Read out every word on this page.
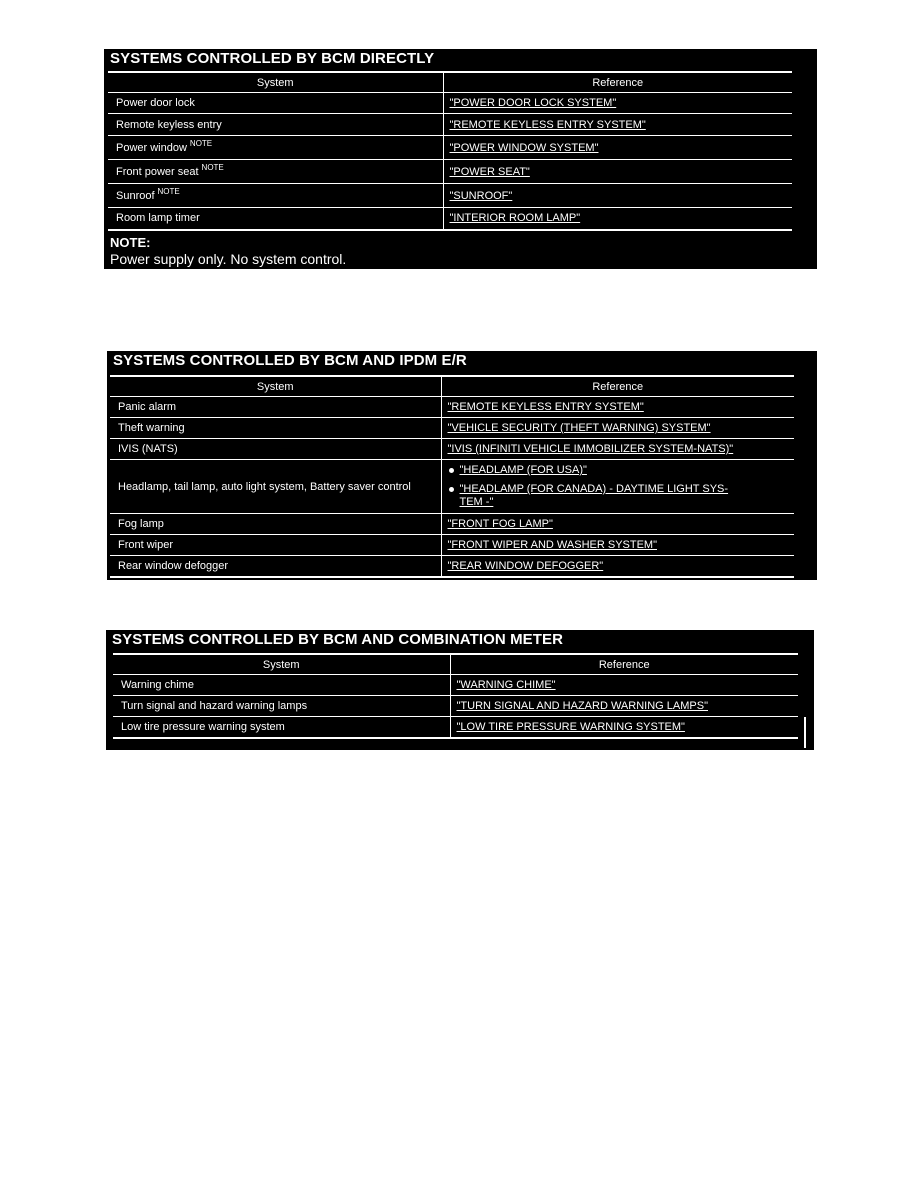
SYSTEMS CONTROLLED BY BCM DIRECTLY
System	Reference
Power door lock	"POWER DOOR LOCK SYSTEM"
Remote keyless entry	"REMOTE KEYLESS ENTRY SYSTEM"
Power window $^{NOTE}$	"POWER WINDOW SYSTEM"
Front power seat $^{NOTE}$	"POWER SEAT"
Sunroof $^{NOTE}$	"SUNROOF"
Room lamp timer	"INTERIOR ROOM LAMP"
NOTE:
Power supply only. No system control.
SYSTEMS CONTROLLED BY BCM AND IPDM E/R
System	Reference
Panic alarm	"REMOTE KEYLESS ENTRY SYSTEM"
Theft warning	"VEHICLE SECURITY (THEFT WARNING) SYSTEM"
IVIS (NATS)	"IVIS (INFINITI VEHICLE IMMOBILIZER SYSTEM-NATS)"
Headlamp, tail lamp, auto light system, Battery saver control	"HEADLAMP (FOR USA)"
"HEADLAMP (FOR CANADA) - DAYTIME LIGHT SYS-
TEM -"

Fog lamp	"FRONT FOG LAMP"
Front wiper	"FRONT WIPER AND WASHER SYSTEM"
Rear window defogger	"REAR WINDOW DEFOGGER"
SYSTEMS CONTROLLED BY BCM AND COMBINATION METER
System	Reference
Warning chime	"WARNING CHIME"
Turn signal and hazard warning lamps	"TURN SIGNAL AND HAZARD WARNING LAMPS"
Low tire pressure warning system	"LOW TIRE PRESSURE WARNING SYSTEM"
